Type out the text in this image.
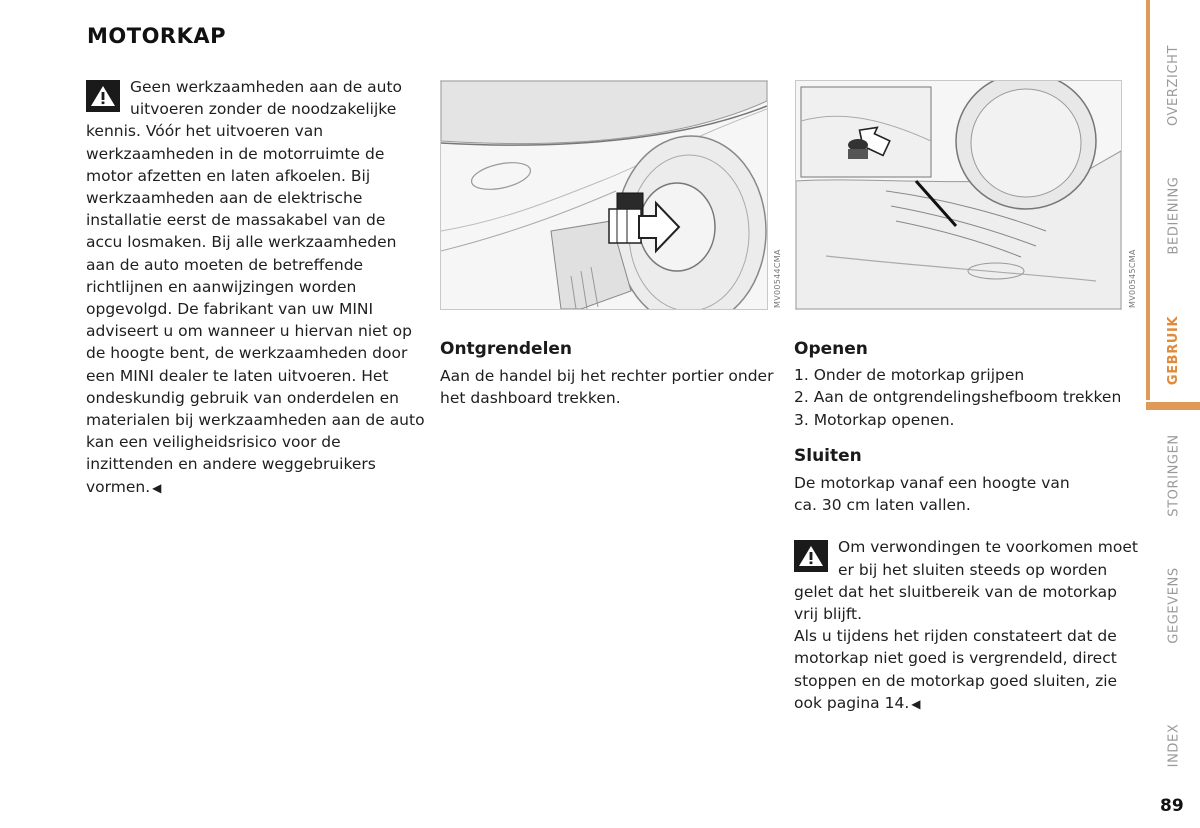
MOTORKAP
Geen werkzaamheden aan de auto uitvoeren zonder de noodzakelijke kennis. Vóór het uitvoeren van werkzaamheden in de motorruimte de motor afzetten en laten afkoelen. Bij werkzaamheden aan de elektrische installatie eerst de massakabel van de accu losmaken. Bij alle werkzaamheden aan de auto moeten de betreffende richtlijnen en aanwijzingen worden opgevolgd. De fabrikant van uw MINI adviseert u om wanneer u hiervan niet op de hoogte bent, de werkzaamheden door een MINI dealer te laten uitvoeren. Het ondeskundig gebruik van onderdelen en materialen bij werkzaamheden aan de auto kan een veiligheidsrisico voor de inzittenden en andere weggebruikers vormen. ◀
MV00544CMA	MV00545CMA
Ontgrendelen
Aan de handel bij het rechter portier onder het dashboard trekken.
Openen
1. Onder de motorkap grijpen
2. Aan de ontgrendelingshefboom trekken
3. Motorkap openen.
Sluiten
De motorkap vanaf een hoogte van ca. 30 cm laten vallen.
Om verwondingen te voorkomen moet er bij het sluiten steeds op worden gelet dat het sluitbereik van de motorkap vrij blijft.
Als u tijdens het rijden constateert dat de motorkap niet goed is vergrendeld, direct stoppen en de motorkap goed sluiten, zie ook pagina 14. ◀
OVERZICHT
BEDIENING
GEBRUIK
STORINGEN
GEGEVENS
INDEX
89
